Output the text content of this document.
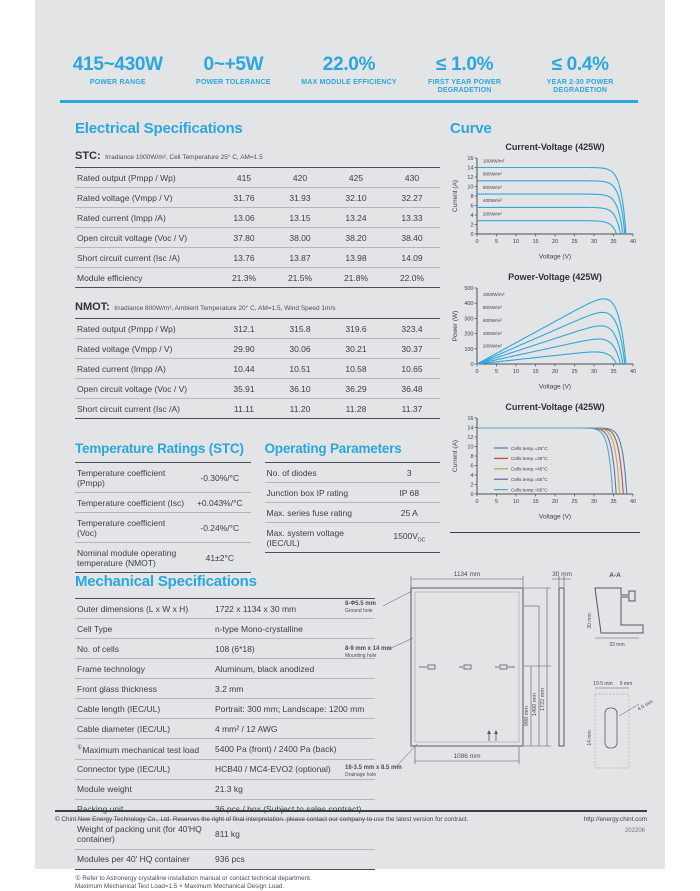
415~430W
POWER RANGE
0~+5W
POWER TOLERANCE
22.0%
MAX MODULE EFFICIENCY
≤ 1.0%
FIRST YEAR POWER DEGRADETION
≤ 0.4%
YEAR 2-30 POWER DEGRADETION
Electrical Specifications
STC: Irradiance 1000W/m², Cell Temperature 25° C, AM=1.5
Rated output (Pmpp / Wp)	415	420	425	430
Rated voltage (Vmpp / V)	31.76	31.93	32.10	32.27
Rated current (Impp /A)	13.06	13.15	13.24	13.33
Open circuit voltage (Voc / V)	37.80	38.00	38.20	38.40
Short circuit current (Isc /A)	13.76	13.87	13.98	14.09
Module efficiency	21.3%	21.5%	21.8%	22.0%
NMOT: Irradiance 800W/m², Ambient Temperature 20° C, AM=1.5, Wind Speed 1m/s
Rated output (Pmpp / Wp)	312.1	315.8	319.6	323.4
Rated voltage (Vmpp / V)	29.90	30.06	30.21	30.37
Rated current (Impp /A)	10.44	10.51	10.58	10.65
Open circuit voltage (Voc / V)	35.91	36.10	36.29	36.48
Short circuit current (Isc /A)	11.11	11.20	11.28	11.37
Temperature Ratings (STC)
Temperature coefficient (Pmpp)	-0.30%/°C
Temperature coefficient (Isc)	+0.043%/°C
Temperature coefficient (Voc)	-0.24%/°C
Nominal module operating temperature (NMOT)	41±2°C
Operating Parameters
No. of diodes	3
Junction box IP rating	IP 68
Max. series fuse rating	25 A
Max. system voltage (IEC/UL)	$1500V_{DC}$
Mechanical Specifications
Outer dimensions (L x W x H)	1722 x 1134 x 30 mm
Cell Type	n-type Mono-crystalline
No. of cells	108 (6*18)
Frame technology	Aluminum, black anodized
Front glass thickness	3.2 mm
Cable length (IEC/UL)	Portrait: 300 mm; Landscape: 1200 mm
Cable diameter (IEC/UL)	4 mm² / 12 AWG
①Maximum mechanical test load	5400 Pa (front) / 2400 Pa (back)
Connector type (IEC/UL)	HCB40 / MC4-EVO2 (optional)
Module weight	21.3 kg
Packing unit	36 pcs / box (Subject to sales contract)
Weight of packing unit (for 40'HQ container)	811 kg
Modules per 40' HQ container	936 pcs
① Refer to Astronergy crystalline installation manual or contact technical department.
Maximum Mechanical Test Load=1.5 × Maximum Mechanical Design Load.
Curve
Current-Voltage (425W)
0	5	10 15 20 25 30 35 40
0
2
4
6
8
10
12
14
16
Current (A)
Voltage (V)
1000W/m²
800W/m²
600W/m²
400W/m²
200W/m²
Power-Voltage (425W)
0	5	10 15 20 25 30 35 40
0
100
200
300
400
500
Power (W)
Voltage (V)
1000W/m²
800W/m²
600W/m²
400W/m²
200W/m²
Current-Voltage (425W)
0	5	10 15 20 25 30 35 40
0
2
4
6
8
10
12
14
16
Current (A)
Voltage (V)
Cells temp.=25°C
Cells temp.=35°C
Cells temp.=45°C
Cells temp.=55°C
Cells temp.=65°C
1134 mm
1086 mm
990 mm
1400 mm 1722 mm
30 mm	A-A
30 mm
33 mm
8-Φ5.5 mm
Ground hole
8-9 mm x 14 mm
Mounting hole
16-3.5 mm x 8.5 mm
Drainage hole
19.5 mm 9 mm
14 mm
4.5 mm
© Chint New Energy Technology Co., Ltd. Reserves the right of final interpretation. please contact our company to use the latest version for contract.	http://energy.chint.com
202206
